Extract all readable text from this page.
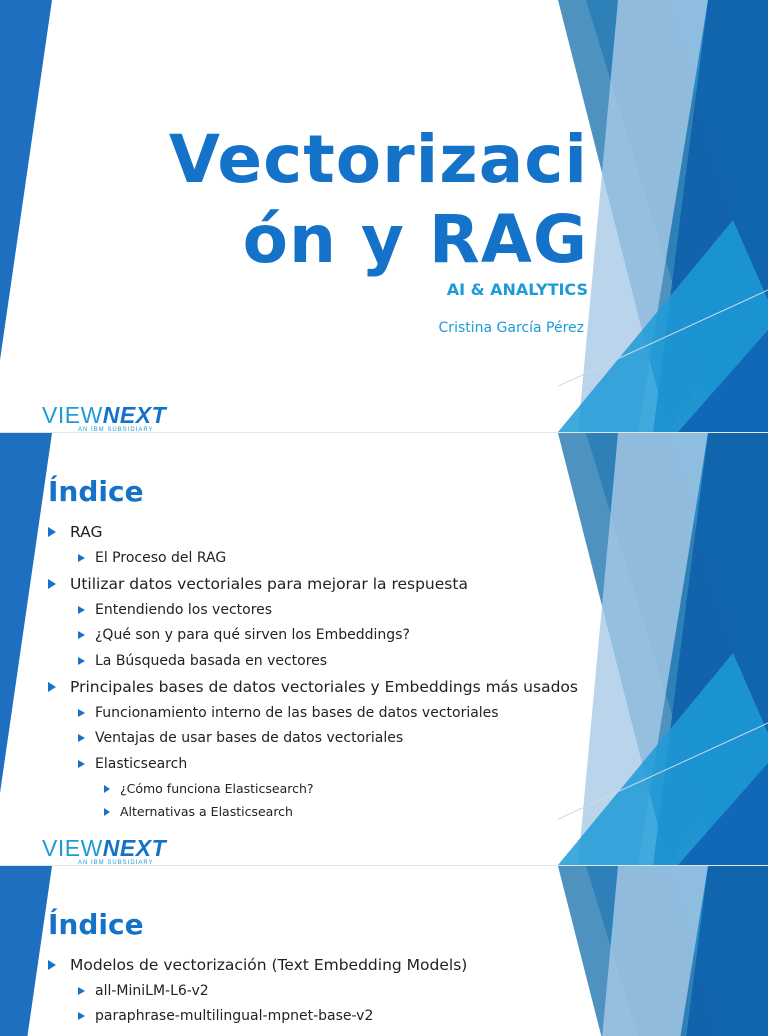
Vectorizaci
ón y RAG
AI & ANALYTICS
Cristina García Pérez
VIEWNEXT
AN IBM SUBSIDIARY
Índice
RAG
El Proceso del RAG
Utilizar datos vectoriales para mejorar la respuesta
Entendiendo los vectores
¿Qué son y para qué sirven los Embeddings?
La Búsqueda basada en vectores
Principales bases de datos vectoriales y Embeddings más usados
Funcionamiento interno de las bases de datos vectoriales
Ventajas de usar bases de datos vectoriales
Elasticsearch
¿Cómo funciona Elasticsearch?
Alternativas a Elasticsearch
VIEWNEXT
AN IBM SUBSIDIARY
Índice
Modelos de vectorización (Text Embedding Models)
all-MiniLM-L6-v2
paraphrase-multilingual-mpnet-base-v2
